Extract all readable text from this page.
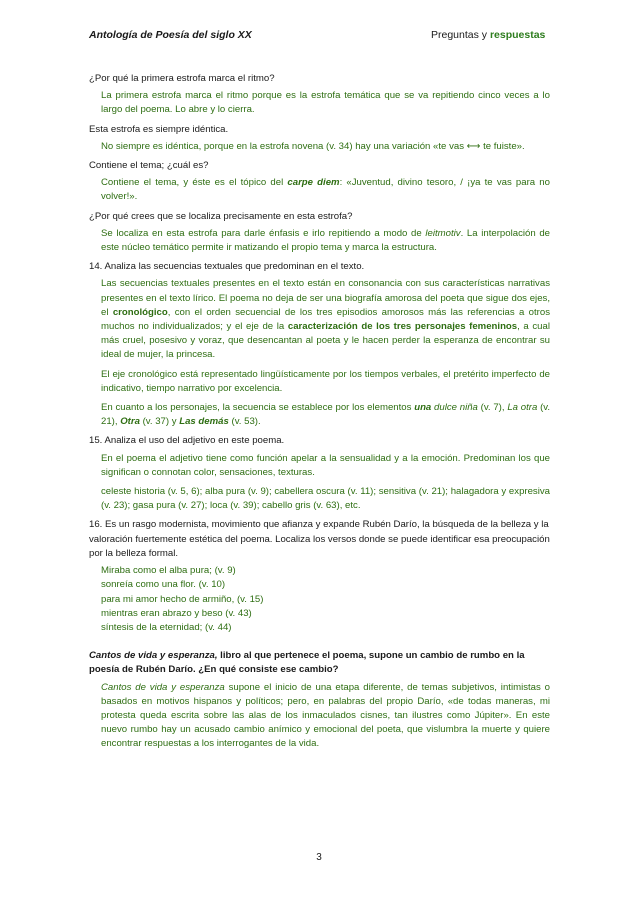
Antología de Poesía del siglo XX	Preguntas y respuestas

¿Por qué la primera estrofa marca el ritmo?

La primera estrofa marca el ritmo porque es la estrofa temática que se va repitiendo cinco veces a lo largo del poema. Lo abre y lo cierra.

Esta estrofa es siempre idéntica.

No siempre es idéntica, porque en la estrofa novena (v. 34) hay una variación «te vas ⟷ te fuiste».

Contiene el tema; ¿cuál es?

Contiene el tema, y éste es el tópico del carpe diem: «Juventud, divino tesoro, / ¡ya te vas para no volver!».

¿Por qué crees que se localiza precisamente en esta estrofa?

Se localiza en esta estrofa para darle énfasis e irlo repitiendo a modo de leitmotiv. La interpolación de este núcleo temático permite ir matizando el propio tema y marca la estructura.

14. Analiza las secuencias textuales que predominan en el texto.

Las secuencias textuales presentes en el texto están en consonancia con sus características narrativas presentes en el texto lírico. El poema no deja de ser una biografía amorosa del poeta que sigue dos ejes, el cronológico, con el orden secuencial de los tres episodios amorosos más las referencias a otros muchos no individualizados; y el eje de la caracterización de los tres personajes femeninos, a cual más cruel, posesivo y voraz, que desencantan al poeta y le hacen perder la esperanza de encontrar su ideal de mujer, la princesa.

El eje cronológico está representado lingüísticamente por los tiempos verbales, el pretérito imperfecto de indicativo, tiempo narrativo por excelencia.

En cuanto a los personajes, la secuencia se establece por los elementos una dulce niña (v. 7), La otra (v. 21), Otra (v. 37) y Las demás (v. 53).

15. Analiza el uso del adjetivo en este poema.

En el poema el adjetivo tiene como función apelar a la sensualidad y a la emoción. Predominan los que significan o connotan color, sensaciones, texturas.

celeste historia (v. 5, 6); alba pura (v. 9); cabellera oscura (v. 11); sensitiva (v. 21); halagadora y expresiva (v. 23); gasa pura (v. 27); loca (v. 39); cabello gris (v. 63), etc.

16. Es un rasgo modernista, movimiento que afianza y expande Rubén Darío, la búsqueda de la belleza y la valoración fuertemente estética del poema. Localiza los versos donde se puede identificar esa preocupación por la belleza formal.

Miraba como el alba pura; (v. 9)
sonreía como una flor. (v. 10)
para mi amor hecho de armiño, (v. 15)
mientras eran abrazo y beso (v. 43)
síntesis de la eternidad; (v. 44)

Cantos de vida y esperanza, libro al que pertenece el poema, supone un cambio de rumbo en la poesía de Rubén Darío. ¿En qué consiste ese cambio?

Cantos de vida y esperanza supone el inicio de una etapa diferente, de temas subjetivos, intimistas o basados en motivos hispanos y políticos; pero, en palabras del propio Darío, «de todas maneras, mi protesta queda escrita sobre las alas de los inmaculados cisnes, tan ilustres como Júpiter». En este nuevo rumbo hay un acusado cambio anímico y emocional del poeta, que vislumbra la muerte y quiere encontrar respuestas a los interrogantes de la vida.

3
